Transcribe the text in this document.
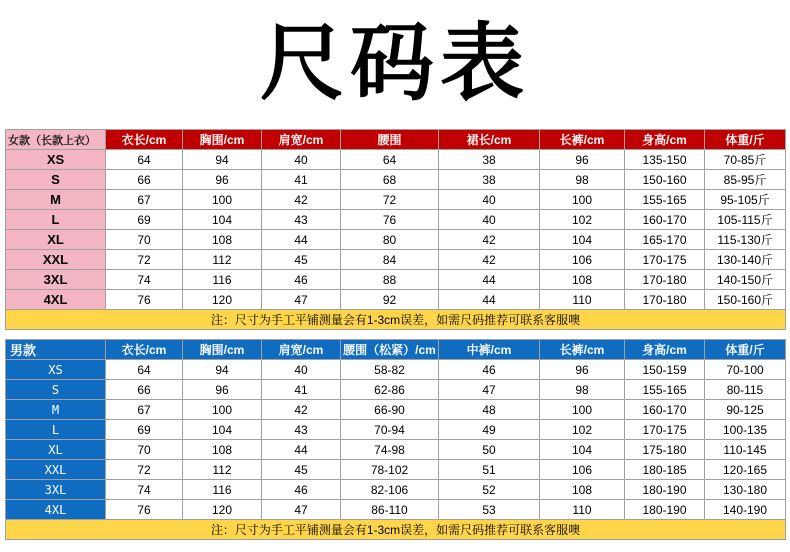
尺码表
女款（长款上衣）	衣长/cm	胸围/cm	肩宽/cm	腰围	裙长/cm	长裤/cm	身高/cm	体重/斤
XS	64	94	40	64	38	96	135-150	70-85斤
S	66	96	41	68	38	98	150-160	85-95斤
M	67	100	42	72	40	100	155-165	95-105斤
L	69	104	43	76	40	102	160-170	105-115斤
XL	70	108	44	80	42	104	165-170	115-130斤
XXL	72	112	45	84	42	106	170-175	130-140斤
3XL	74	116	46	88	44	108	170-180	140-150斤
4XL	76	120	47	92	44	110	170-180	150-160斤
注：尺寸为手工平铺测量会有1-3cm误差，如需尺码推荐可联系客服噢								
男款	衣长/cm	胸围/cm	肩宽/cm	腰围（松紧）/cm	中裤/cm	长裤/cm	身高/cm	体重/斤
XS	64	94	40	58-82	46	96	150-159	70-100
S	66	96	41	62-86	47	98	155-165	80-115
M	67	100	42	66-90	48	100	160-170	90-125
L	69	104	43	70-94	49	102	170-175	100-135
XL	70	108	44	74-98	50	104	175-180	110-145
XXL	72	112	45	78-102	51	106	180-185	120-165
3XL	74	116	46	82-106	52	108	180-190	130-180
4XL	76	120	47	86-110	53	110	180-190	140-190
注：尺寸为手工平铺测量会有1-3cm误差，如需尺码推荐可联系客服噢								
